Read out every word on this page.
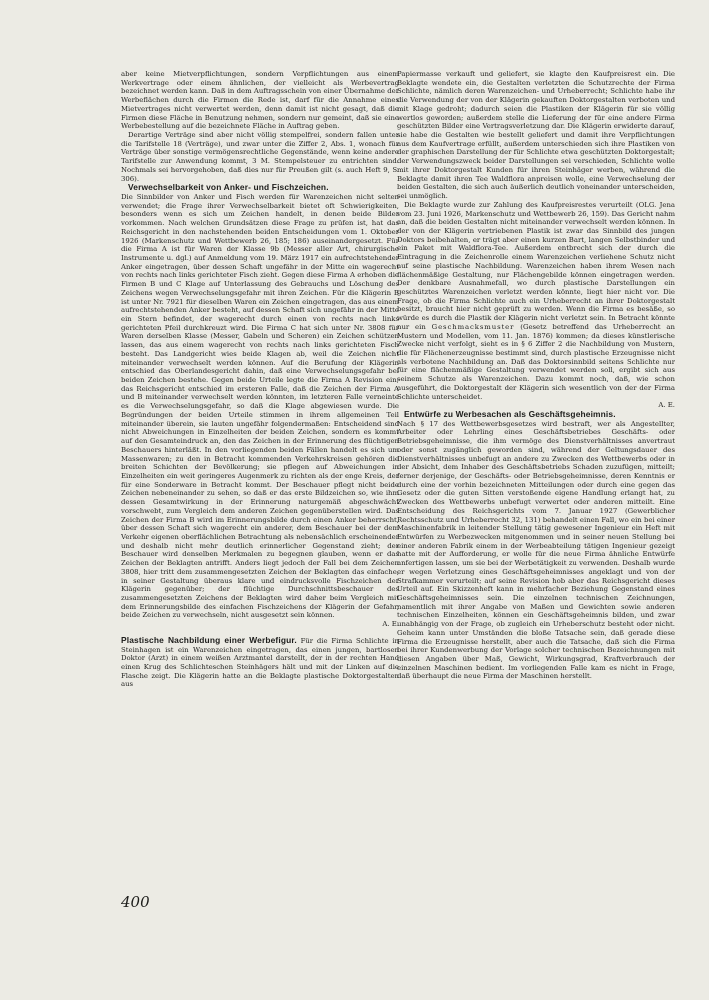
aber keine Mietverpflichtungen, sondern Verpflichtungen aus einem Werkvertrage oder einem ähnlichen, der vielleicht als Werbevertrag bezeichnet werden kann. Daß in dem Auftragsschein von einer Übernahme der Werbeflächen durch die Firmen die Rede ist, darf für die Annahme eines Mietvertrages nicht verwertet werden, denn damit ist nicht gesagt, daß die Firmen diese Fläche in Benutzung nehmen, sondern nur gemeint, daß sie eine Werbebestellung auf die bezeichnete Fläche in Auftrag geben.

Derartige Verträge sind aber nicht völlig stempelfrei, sondern fallen unter die Tarifstelle 18 (Verträge), und zwar unter die Ziffer 2, Abs. 1, wonach für Verträge über sonstige vermögensrechtliche Gegenstände, wenn keine andere Tarifstelle zur Anwendung kommt, 3 M. Stempelsteuer zu entrichten sind. Nochmals sei hervorgehoben, daß dies nur für Preußen gilt (s. auch Heft 9, S. 306).

Verwechselbarkeit von Anker- und Fischzeichen.

Die Sinnbilder von Anker und Fisch werden für Warenzeichen nicht selten verwendet; die Frage ihrer Verwechselbarkeit bietet oft Schwierigkeiten, besonders wenn es sich um Zeichen handelt, in denen beide Bilder vorkommen. Nach welchen Grundsätzen diese Frage zu prüfen ist, hat das Reichsgericht in den nachstehenden beiden Entscheidungen vom 1. Oktober 1926 (Markenschutz und Wettbewerb 26, 185; 186) auseinandergesetzt. Für die Firma A ist für Waren der Klasse 9b (Messer aller Art, chirurgische Instrumente u. dgl.) auf Anmeldung vom 19. März 1917 ein aufrechtstehender Anker eingetragen, über dessen Schaft ungefähr in der Mitte ein wagerecht von rechts nach links gerichteter Fisch zieht. Gegen diese Firma A erhoben die Firmen B und C Klage auf Unterlassung des Gebrauchs und Löschung des Zeichens wegen Verwechselungsgefahr mit ihren Zeichen. Für die Klägerin B ist unter Nr. 7921 für dieselben Waren ein Zeichen eingetragen, das aus einem aufrechtstehenden Anker besteht, auf dessen Schaft sich ungefähr in der Mitte ein Stern befindet, der wagerecht durch einen von rechts nach links gerichteten Pfeil durchkreuzt wird. Die Firma C hat sich unter Nr. 3808 für Waren derselben Klasse (Messer, Gabeln und Scheren) ein Zeichen schützen lassen, das aus einem wagerecht von rechts nach links gerichteten Fisch besteht. Das Landgericht wies beide Klagen ab, weil die Zeichen nicht miteinander verwechselt werden können. Auf die Berufung der Klägerin entschied das Oberlandesgericht dahin, daß eine Verwechselungsgefahr bei beiden Zeichen bestehe. Gegen beide Urteile legte die Firma A Revision ein; das Reichsgericht entschied im ersteren Falle, daß die Zeichen der Firma A und B miteinander verwechselt werden könnten, im letzteren Falle verneinte es die Verwechselungsgefahr, so daß die Klage abgewiesen wurde. Die Begründungen der beiden Urteile stimmen in ihrem allgemeinen Teil miteinander überein, sie lauten ungefähr folgendermaßen: Entscheidend sind nicht Abweichungen in Einzelheiten der beiden Zeichen, sondern es kommt auf den Gesamteindruck an, den das Zeichen in der Erinnerung des flüchtigen Beschauers hinterläßt. In den vorliegenden beiden Fällen handelt es sich um Massenwaren; zu den in Betracht kommenden Verkehrskreisen gehören die breiten Schichten der Bevölkerung; sie pflegen auf Abweichungen in Einzelheiten ein weit geringeres Augenmerk zu richten als der enge Kreis, der für eine Sonderware in Betracht kommt. Der Beschauer pflegt nicht beide Zeichen nebeneinander zu sehen, so daß er das erste Bildzeichen so, wie ihm dessen Gesamtwirkung in der Erinnerung naturgemäß abgeschwächt vorschwebt, zum Vergleich dem anderen Zeichen gegenüberstellen wird. Das Zeichen der Firma B wird im Erinnerungsbilde durch einen Anker beherrscht, über dessen Schaft sich wagerecht ein anderer, dem Beschauer bei der dem Verkehr eigenen oberflächlichen Betrachtung als nebensächlich erscheinender und deshalb nicht mehr deutlich erinnerlicher Gegenstand zieht; der Beschauer wird denselben Merkmalen zu begegnen glauben, wenn er das Zeichen der Beklagten antrifft. Anders liegt jedoch der Fall bei dem Zeichen 3808, hier tritt dem zusammengesetzten Zeichen der Beklagten das einfache, in seiner Gestaltung überaus klare und eindrucksvolle Fischzeichen der Klägerin gegenüber; der flüchtige Durchschnittsbeschauer des zusammengesetzten Zeichens der Beklagten wird daher beim Vergleich mit dem Erinnerungsbilde des einfachen Fischzeichens der Klägerin der Gefahr, beide Zeichen zu verwechseln, nicht ausgesetzt sein können.

A. E.

Plastische Nachbildung einer Werbefigur. Für die Firma Schlichte in Steinhagen ist ein Warenzeichen eingetragen, das einen jungen, bartlosen Doktor (Arzt) in einem weißen Arztmantel darstellt, der in der rechten Hand einen Krug des Schlichteschen Steinhägers hält und mit der Linken auf die Flasche zeigt. Die Klägerin hatte an die Beklagte plastische Doktorgestalten aus

Papiermasse verkauft und geliefert, sie klagte den Kaufpreisrest ein. Die Beklagte wendete ein, die Gestalten verletzten die Schutzrechte der Firma Schlichte, nämlich deren Warenzeichen- und Urheberrecht; Schlichte habe ihr die Verwendung der von der Klägerin gekauften Doktorgestalten verboten und mit Klage gedroht; dadurch seien die Plastiken der Klägerin für sie völlig wertlos geworden; außerdem stelle die Lieferung der für eine andere Firma geschützten Bilder eine Vertragsverletzung dar. Die Klägerin erwiderte darauf, sie habe die Gestalten wie bestellt geliefert und damit ihre Verpflichtungen aus dem Kaufvertrage erfüllt, außerdem unterschieden sich ihre Plastiken von der graphischen Darstellung der für Schlichte etwa geschützten Doktorgestalt; der Verwendungszweck beider Darstellungen sei verschieden, Schlichte wolle mit ihrer Doktorgestalt Kunden für ihren Steinhäger werben, während die Beklagte damit ihren Tee Waldflora anpreisen wolle, eine Verwechselung der beiden Gestalten, die sich auch äußerlich deutlich voneinander unterscheiden, sei unmöglich.

Die Beklagte wurde zur Zahlung des Kaufpreisrestes verurteilt (OLG. Jena vom 23. Juni 1926, Markenschutz und Wettbewerb 26, 159). Das Gericht nahm an, daß die beiden Gestalten nicht miteinander verwechselt werden können. In der von der Klägerin vertriebenen Plastik ist zwar das Sinnbild des jungen Doktors beibehalten, er trägt aber einen kurzen Bart, langen Selbstbinder und ein Paket mit Waldflora-Tee. Außerdem entbrecht sich der durch die Eintragung in die Zeichenrolle einem Warenzeichen verliehene Schutz nicht auf seine plastische Nachbildung. Warenzeichen haben ihrem Wesen nach flächenmäßige Gestaltung, nur Flächengebilde können eingetragen werden. Der denkbare Ausnahmefall, wo durch plastische Darstellungen ein geschütztes Warenzeichen verletzt werden könnte, liegt hier nicht vor. Die Frage, ob die Firma Schlichte auch ein Urheberrecht an ihrer Doktorgestalt besitzt, braucht hier nicht geprüft zu werden. Wenn die Firma es besäße, so würde es durch die Plastik der Klägerin nicht verletzt sein. In Betracht könnte nur ein Geschmacksmuster (Gesetz betreffend das Urheberrecht an Mustern und Modellen, vom 11. Jan. 1876) kommen; da dieses künstlerische Zwecke nicht verfolgt, sieht es in § 6 Ziffer 2 die Nachbildung von Mustern, die für Flächenerzeugnisse bestimmt sind, durch plastische Erzeugnisse nicht als verbotene Nachbildung an. Daß das Doktorsinnbild seitens Schlichte nur für eine flächenmäßige Gestaltung verwendet werden soll, ergibt sich aus seinem Schutze als Warenzeichen. Dazu kommt noch, daß, wie schon ausgeführt, die Doktorgestalt der Klägerin sich wesentlich von der der Firma Schlichte unterscheidet.

A. E.

Entwürfe zu Werbesachen als Geschäftsgeheimnis.

Nach § 17 des Wettbewerbsgesetzes wird bestraft, wer als Angestellter, Arbeiter oder Lehrling eines Geschäftsbetriebes Geschäfts- oder Betriebsgeheimnisse, die ihm vermöge des Dienstverhältnisses anvertraut oder sonst zugänglich geworden sind, während der Geltungsdauer des Dienstverhältnisses unbefugt an andere zu Zwecken des Wettbewerbs oder in der Absicht, dem Inhaber des Geschäftsbetriebs Schaden zuzufügen, mitteilt; ferner derjenige, der Geschäfts- oder Betriebsgeheimnisse, deren Kenntnis er durch eine der vorhin bezeichneten Mitteilungen oder durch eine gegen das Gesetz oder die guten Sitten verstoßende eigene Handlung erlangt hat, zu Zwecken des Wettbewerbs unbefugt verwertet oder anderen mitteilt. Eine Entscheidung des Reichsgerichts vom 7. Januar 1927 (Gewerblicher Rechtsschutz und Urheberrecht 32, 131) behandelt einen Fall, wo ein bei einer Maschinenfabrik in leitender Stellung tätig gewesener Ingenieur ein Heft mit Entwürfen zu Werbezwecken mitgenommen und in seiner neuen Stellung bei einer anderen Fabrik einem in der Werbeabteilung tätigen Ingenieur gezeigt hatte mit der Aufforderung, er wolle für die neue Firma ähnliche Entwürfe anfertigen lassen, um sie bei der Werbetätigkeit zu verwenden. Deshalb wurde er wegen Verletzung eines Geschäftsgeheimnisses angeklagt und von der Strafkammer verurteilt; auf seine Revision hob aber das Reichsgericht dieses Urteil auf. Ein Skizzenheft kann in mehrfacher Beziehung Gegenstand eines Geschäftsgeheimnisses sein. Die einzelnen technischen Zeichnungen, namentlich mit ihrer Angabe von Maßen und Gewichten sowie anderen technischen Einzelheiten, können ein Geschäftsgeheimnis bilden, und zwar unabhängig von der Frage, ob zugleich ein Urheberschutz besteht oder nicht. Geheim kann unter Umständen die bloße Tatsache sein, daß gerade diese Firma die Erzeugnisse herstellt, aber auch die Tatsache, daß sich die Firma bei ihrer Kundenwerbung der Vorlage solcher technischen Bezeichnungen mit diesen Angaben über Maß, Gewicht, Wirkungsgrad, Kraftverbrauch der einzelnen Maschinen bedient. Im vorliegenden Falle kam es nicht in Frage, daß überhaupt die neue Firma der Maschinen herstellt.

400
